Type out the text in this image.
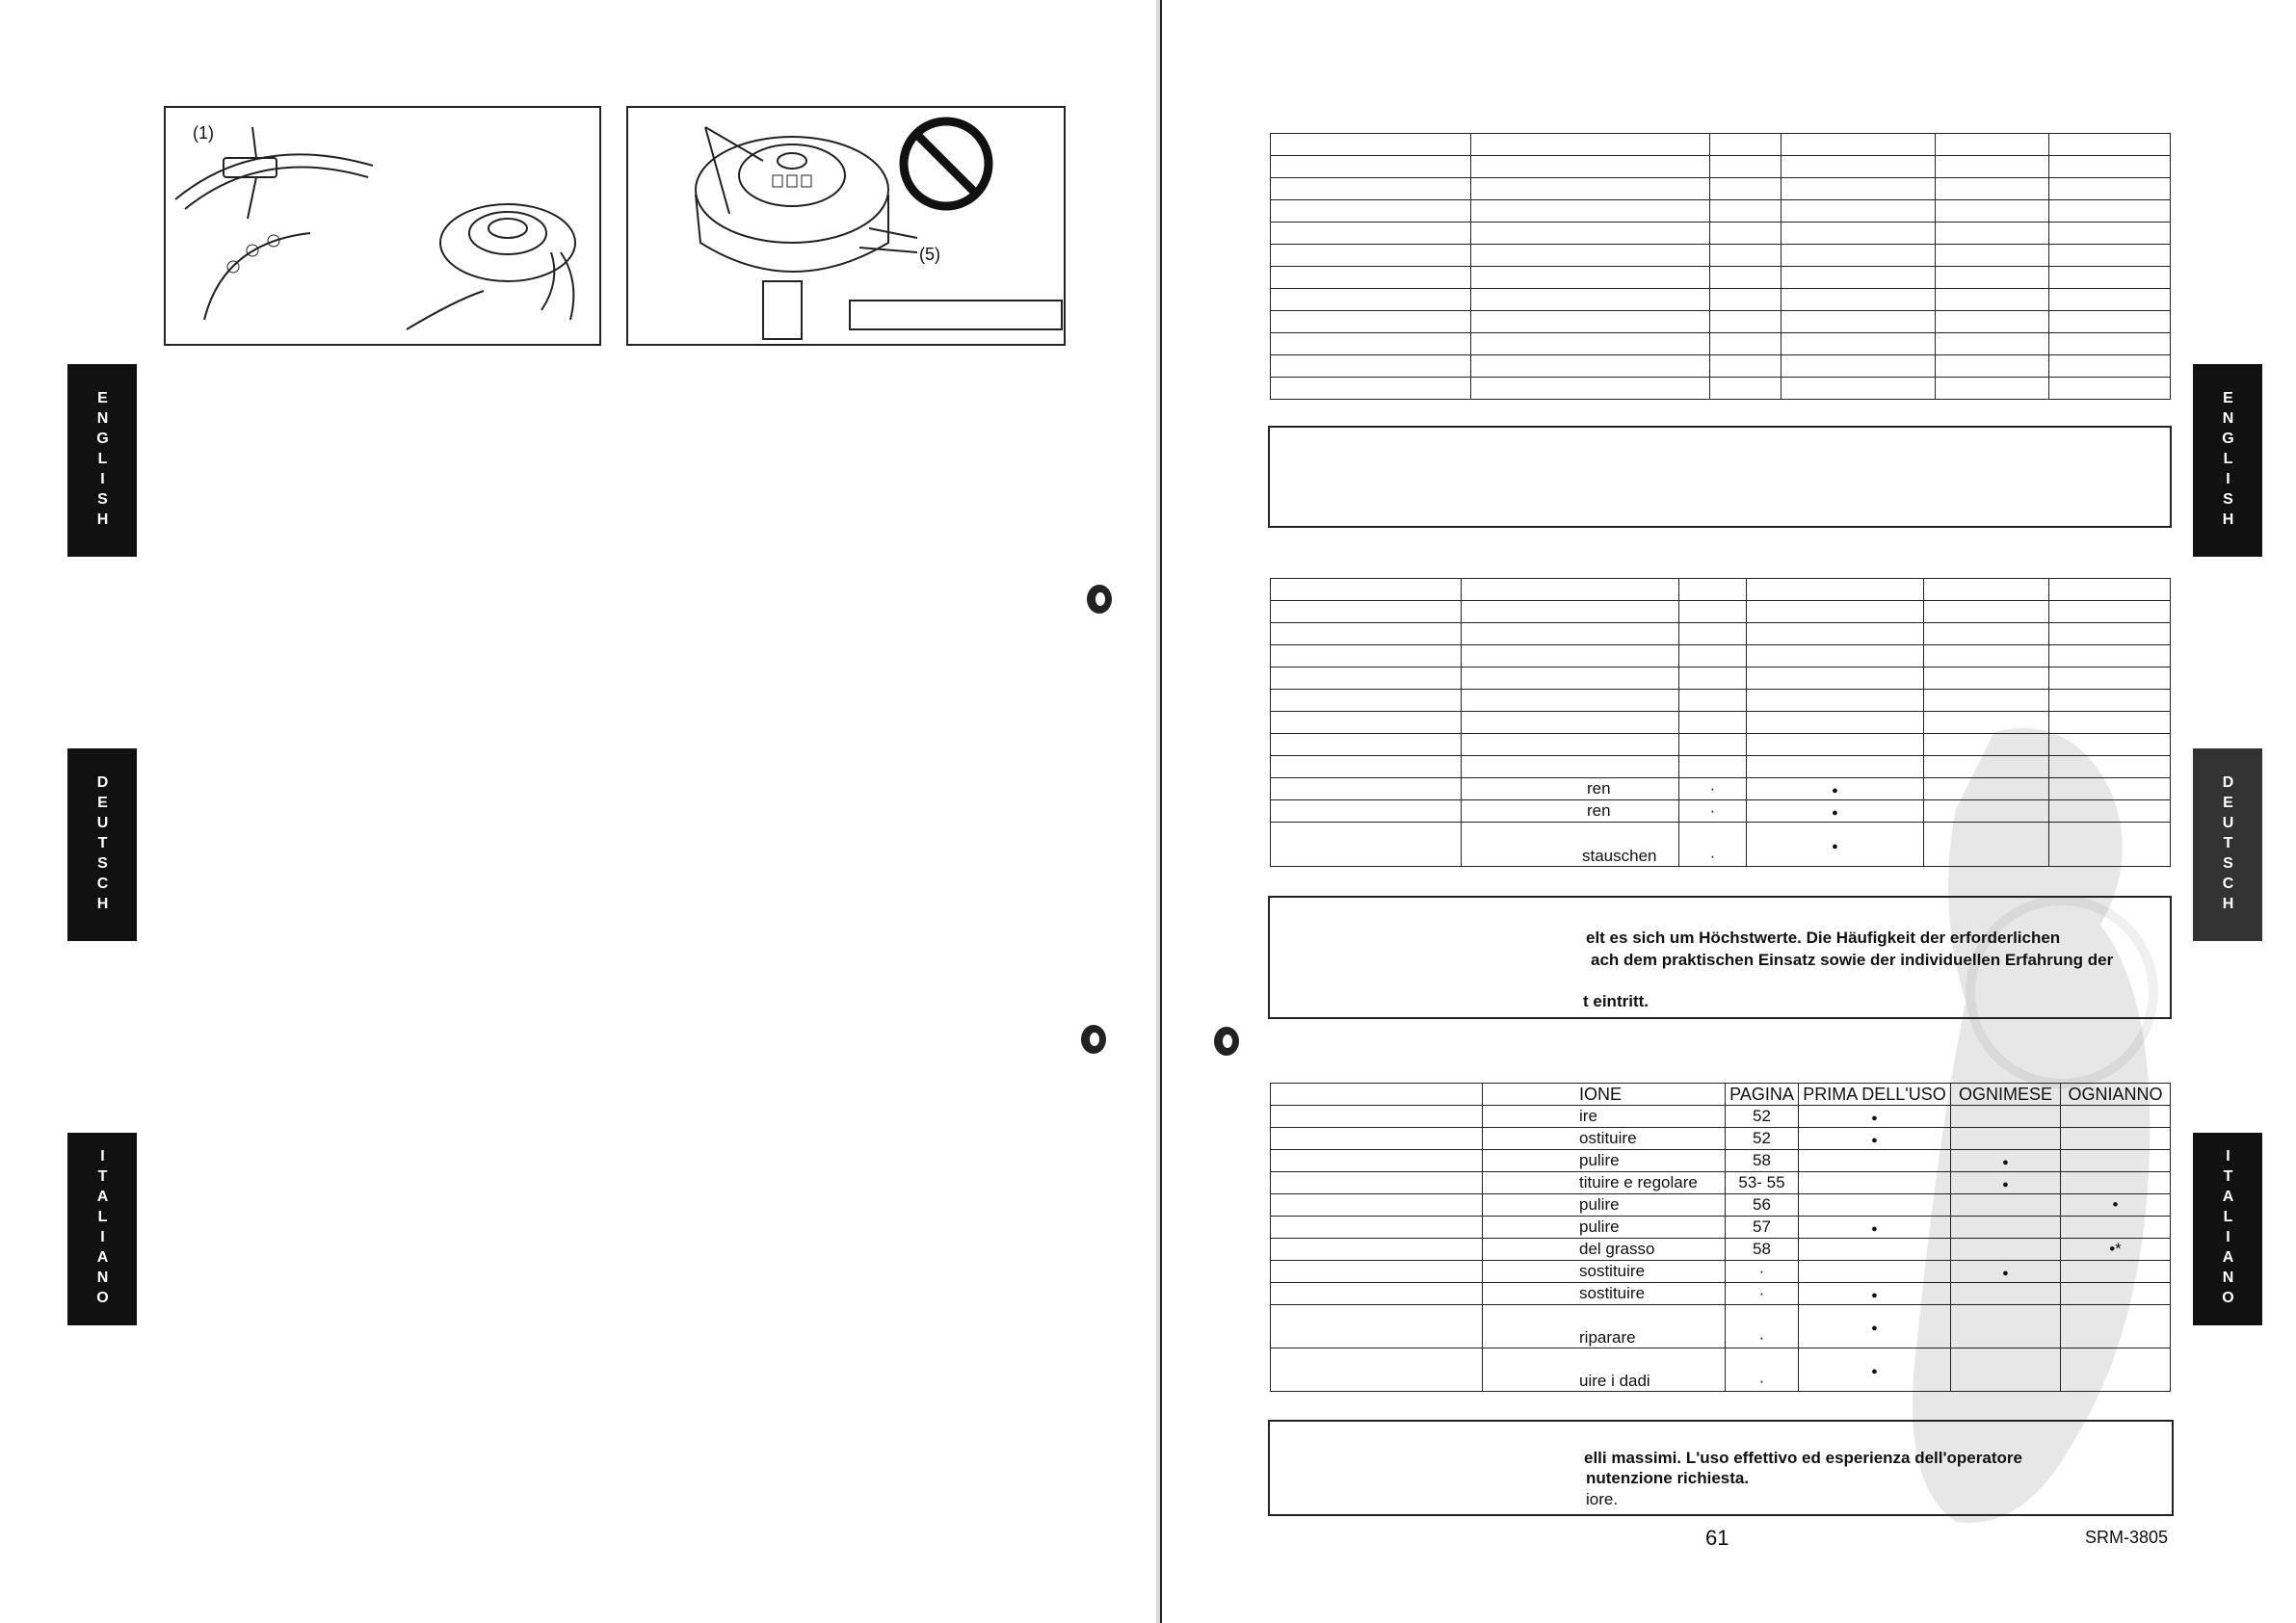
(1)
(5)
ENGLISH
DEUTSCH
ITALIANO

	ren	·	●		
	ren	·	●		
	stauschen	·	●		
elt es sich um Höchstwerte. Die Häufigkeit der erforderlichen
ach dem praktischen Einsatz sowie der individuellen Erfahrung der
t eintritt.
	IONE	PAGINA	PRIMA DELL'USO	OGNIMESE	OGNIANNO
	ire	52	●		
	ostituire	52	●		
	pulire	58		●	
	tituire e regolare	53- 55		●	
	pulire	56			•
	pulire	57	●		
	del grasso	58			•*
	sostituire	·		●	
	sostituire	·	●		
	riparare	·	●		
	uire i dadi	·	●		
elli massimi. L'uso effettivo ed esperienza dell'operatore
nutenzione richiesta.
iore.
61	SRM-3805
ENGLISH
DEUTSCH
ITALIANO
